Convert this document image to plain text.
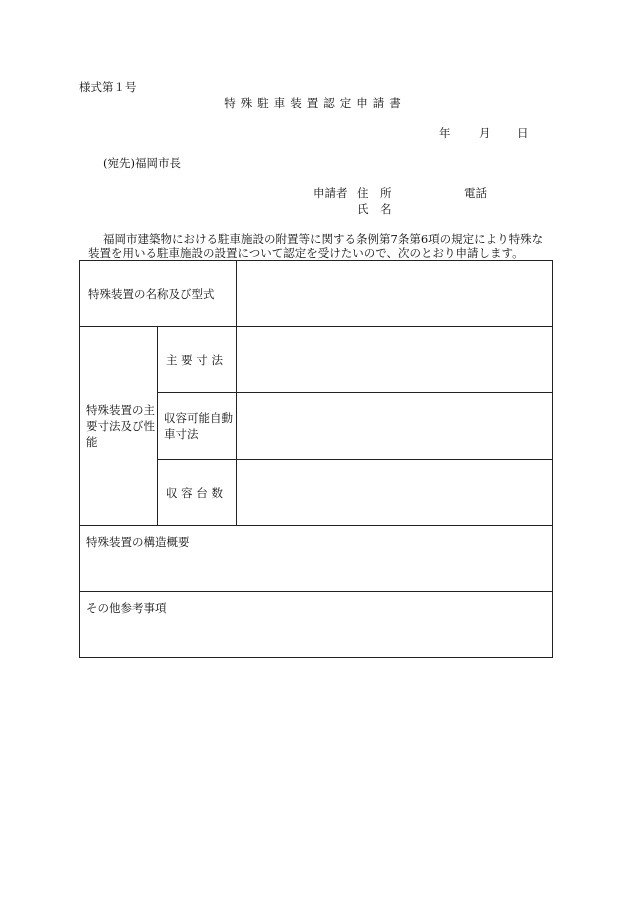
様式第１号
特殊駐車装置認定申請書
年	月	日
(宛先)福岡市長
申請者 住　所	電話
氏　名
福岡市建築物における駐車施設の附置等に関する条例第7条第6項の規定により特殊な装置を用いる駐車施設の設置について認定を受けたいので、次のとおり申請します。
特殊装置の名称及び型式		
特殊装置の主要寸法及び性能	主 要 寸 法	
	収容可能自動車寸法	
	収 容 台 数	
特殊装置の構造概要		
その他参考事項		
